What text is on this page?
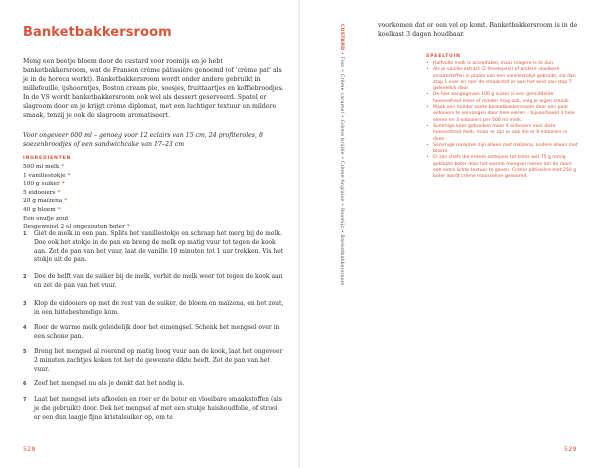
Banketbakkersroom

Meng een beetje bloem door de custard voor roomijs en je hebt banketbakkersroom, wat de Fransen crème pâtissière genoemd (of 'crème pat' als je in de horeca werkt). Banketbakkersroom wordt onder andere gebruikt in millefeuille, ijshoorntjes, Boston cream pie, soesjes, fruittaartjes en koffiebroodjes. In de VS wordt banketbakkersroom ook wel als dessert geserveerd. Spatel er slagroom door en je krijgt crème diplomat, met een luchtiger textuur en mildere smaak, tenzij je ook de slagroom aromatiseert.

Voor ongeveer 600 ml – genoeg voor 12 eclairs van 15 cm, 24 profiteroles, 8 soezenbroodjes of een sandwichcake van 17–23 cm
INGREDIENTEN
500 ml melk *
1 vanillestokje *
100 g suiker *
5 eidooiers *
20 g maïzena *
40 g bloem *
Een snufje zout
Desgewenst 2 el ongezouten boter *
1 Giet de melk in een pan. Splits het vanillestokje en schraap het merg bij de melk. Doe ook het stokje in de pan en breng de melk op matig vuur tot tegen de kook aan. Zet de pan van het vuur, laat de vanille 10 minuten tot 1 uur trekken. Vis het stokje uit de pan.
2 Doe de helft van de suiker bij de melk, verhit de melk weer tot tegen de kook aan en zet de pan van het vuur.
3 Klop de eidooiers op met de rest van de suiker, de bloem en maïzena, en het zout, in een hittebestendige kom.
4 Roer de warme melk geleidelijk door het eimengsel. Schenk het mengsel over in een schone pan.
5 Breng het mengsel al roerend op matig hoog vuur aan de kook, laat het ongeveer 2 minuten zachtjes koken tot het de gewenste dikte heeft. Zet de pan van het vuur.
6 Zeef het mengsel nu als je denkt dat het nodig is.
7 Laat het mengsel iets afkoelen en roer er de boter en vloeibare smaakstoffen (als je die gebruikt) door. Dek het mengsel af met een stukje huishoudfolie, of strooi er een dun laagje fijne kristalsuiker op, om te
528
CUSTARD • Flan • Crème caramel • Crème brûlée • Crème Anglaise • Roomijs • Banketbakkersroom
voorkomen dat er een vel op komt. Banketbakkersroom is in de koelkast 3 dagen houdbaar.
SPEELTUIN
• Halfvolle melk is acceptabel, maar magere is te dun.
• Als je vanille-extract (2 theelepels) of andere vloeibare smaakstoffen in plaats van een vanillestokje gebruikt, sla dan stap 1 over en roer de smaakstof er aan het eind van stap 7 geleidelijk door.
• De hier aangegeven 100 g suiker is een gemiddelde hoeveelheid meer of minder mag ook, volg je eigen smaak.
• Maak een minder zoete banketbakkersroom door een paar eidooiers te vervangen door hele eieren – bijvoorbeeld 3 hele eieren en 3 eidooiers per 500 ml melk.
• Sommige koks gebruiken maar 4 eidooiers voor deze hoeveelheid melk, maar er zijn er ook die er 8 eidooiers in doen.
• Sommige recepten zijn alleen met maïzena, andere alleen met bloem.
• Er zijn chefs die enkele eetlepels tot soms wel 75 g romig geklopte boter door het warme mengsel roeren om de room een extra lichte textuur te geven. Crème pâtissière met 250 g boter wordt crème mousseline genoemd.
529
